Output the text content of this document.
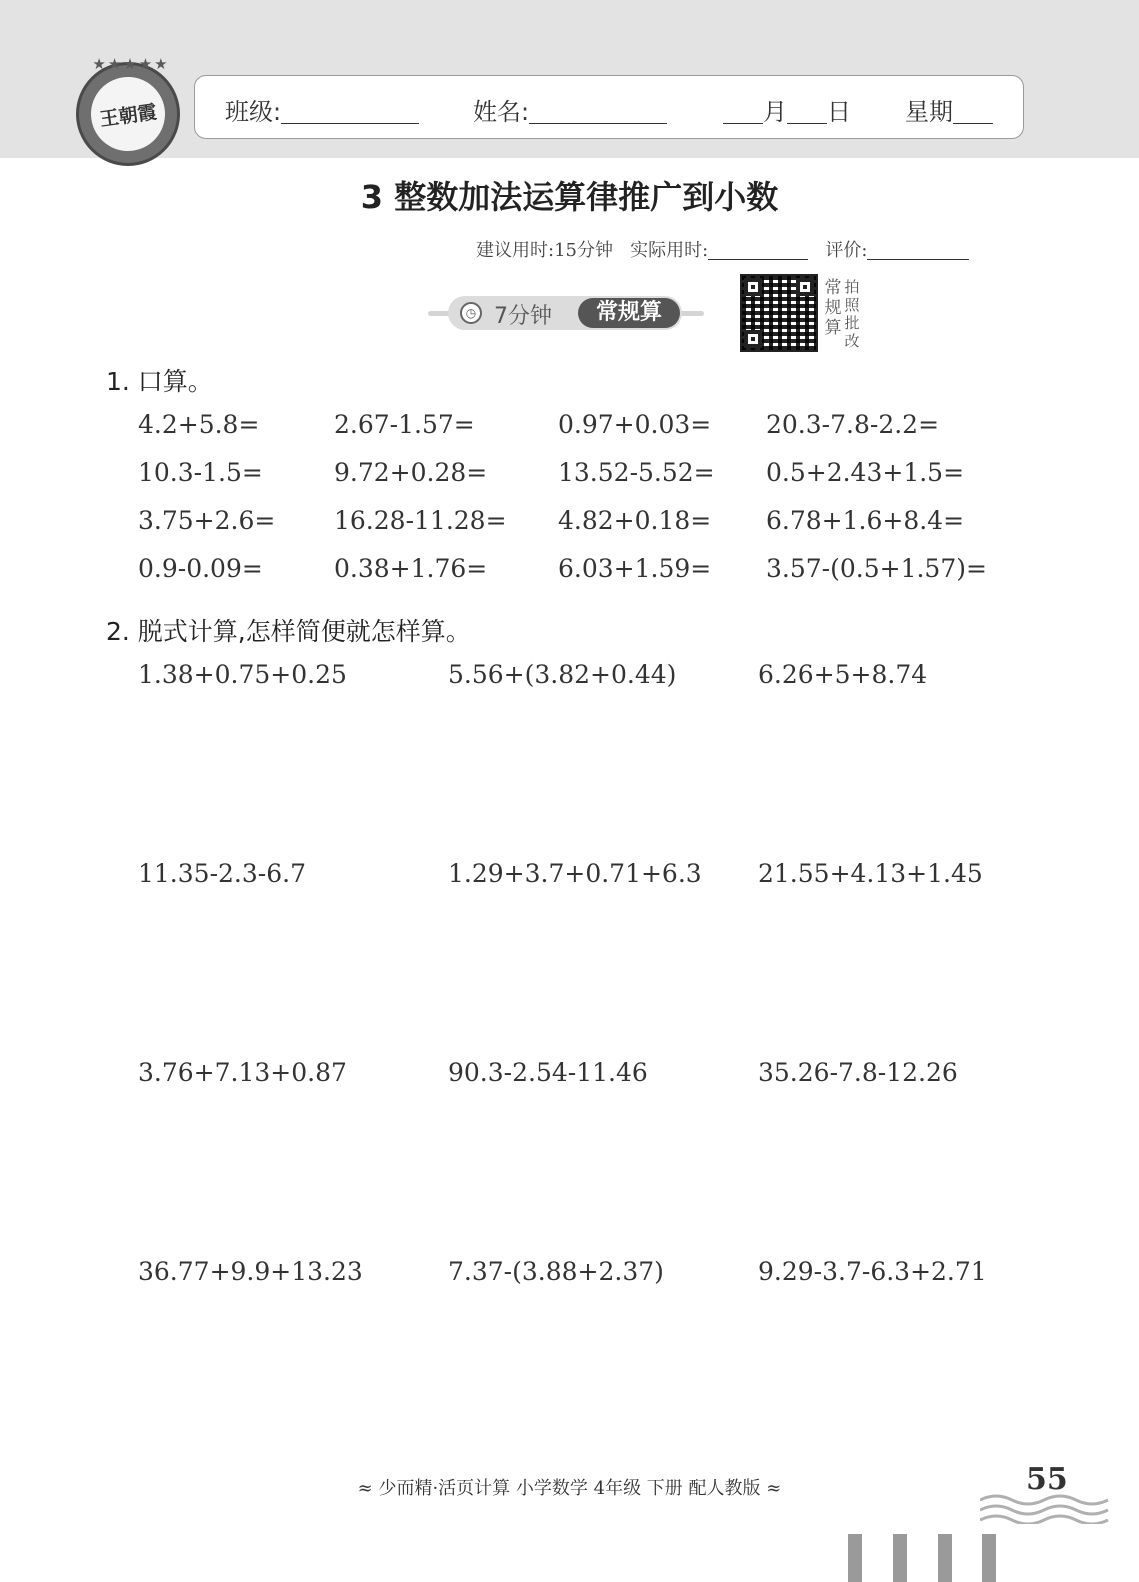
★★★★★
王朝霞	班级:	姓名:	月 日 星期
3 整数加法运算律推广到小数
建议用时:15分钟 实际用时:	评价:
◷ 7分钟	常规算
常规算
拍照批改
1. 口算。
4.2+5.8=	2.67-1.57=	0.97+0.03= 20.3-7.8-2.2=
10.3-1.5=	9.72+0.28=	13.52-5.52= 0.5+2.43+1.5=
3.75+2.6= 16.28-11.28= 4.82+0.18= 6.78+1.6+8.4=
0.9-0.09=	0.38+1.76=	6.03+1.59= 3.57-(0.5+1.57)=
2. 脱式计算,怎样简便就怎样算。
1.38+0.75+0.25	5.56+(3.82+0.44)	6.26+5+8.74
11.35-2.3-6.7	1.29+3.7+0.71+6.3 21.55+4.13+1.45
3.76+7.13+0.87	90.3-2.54-11.46	35.26-7.8-12.26
36.77+9.9+13.23	7.37-(3.88+2.37)	9.29-3.7-6.3+2.71
≈ 少而精·活页计算 小学数学 4年级 下册 配人教版 ≈	55
